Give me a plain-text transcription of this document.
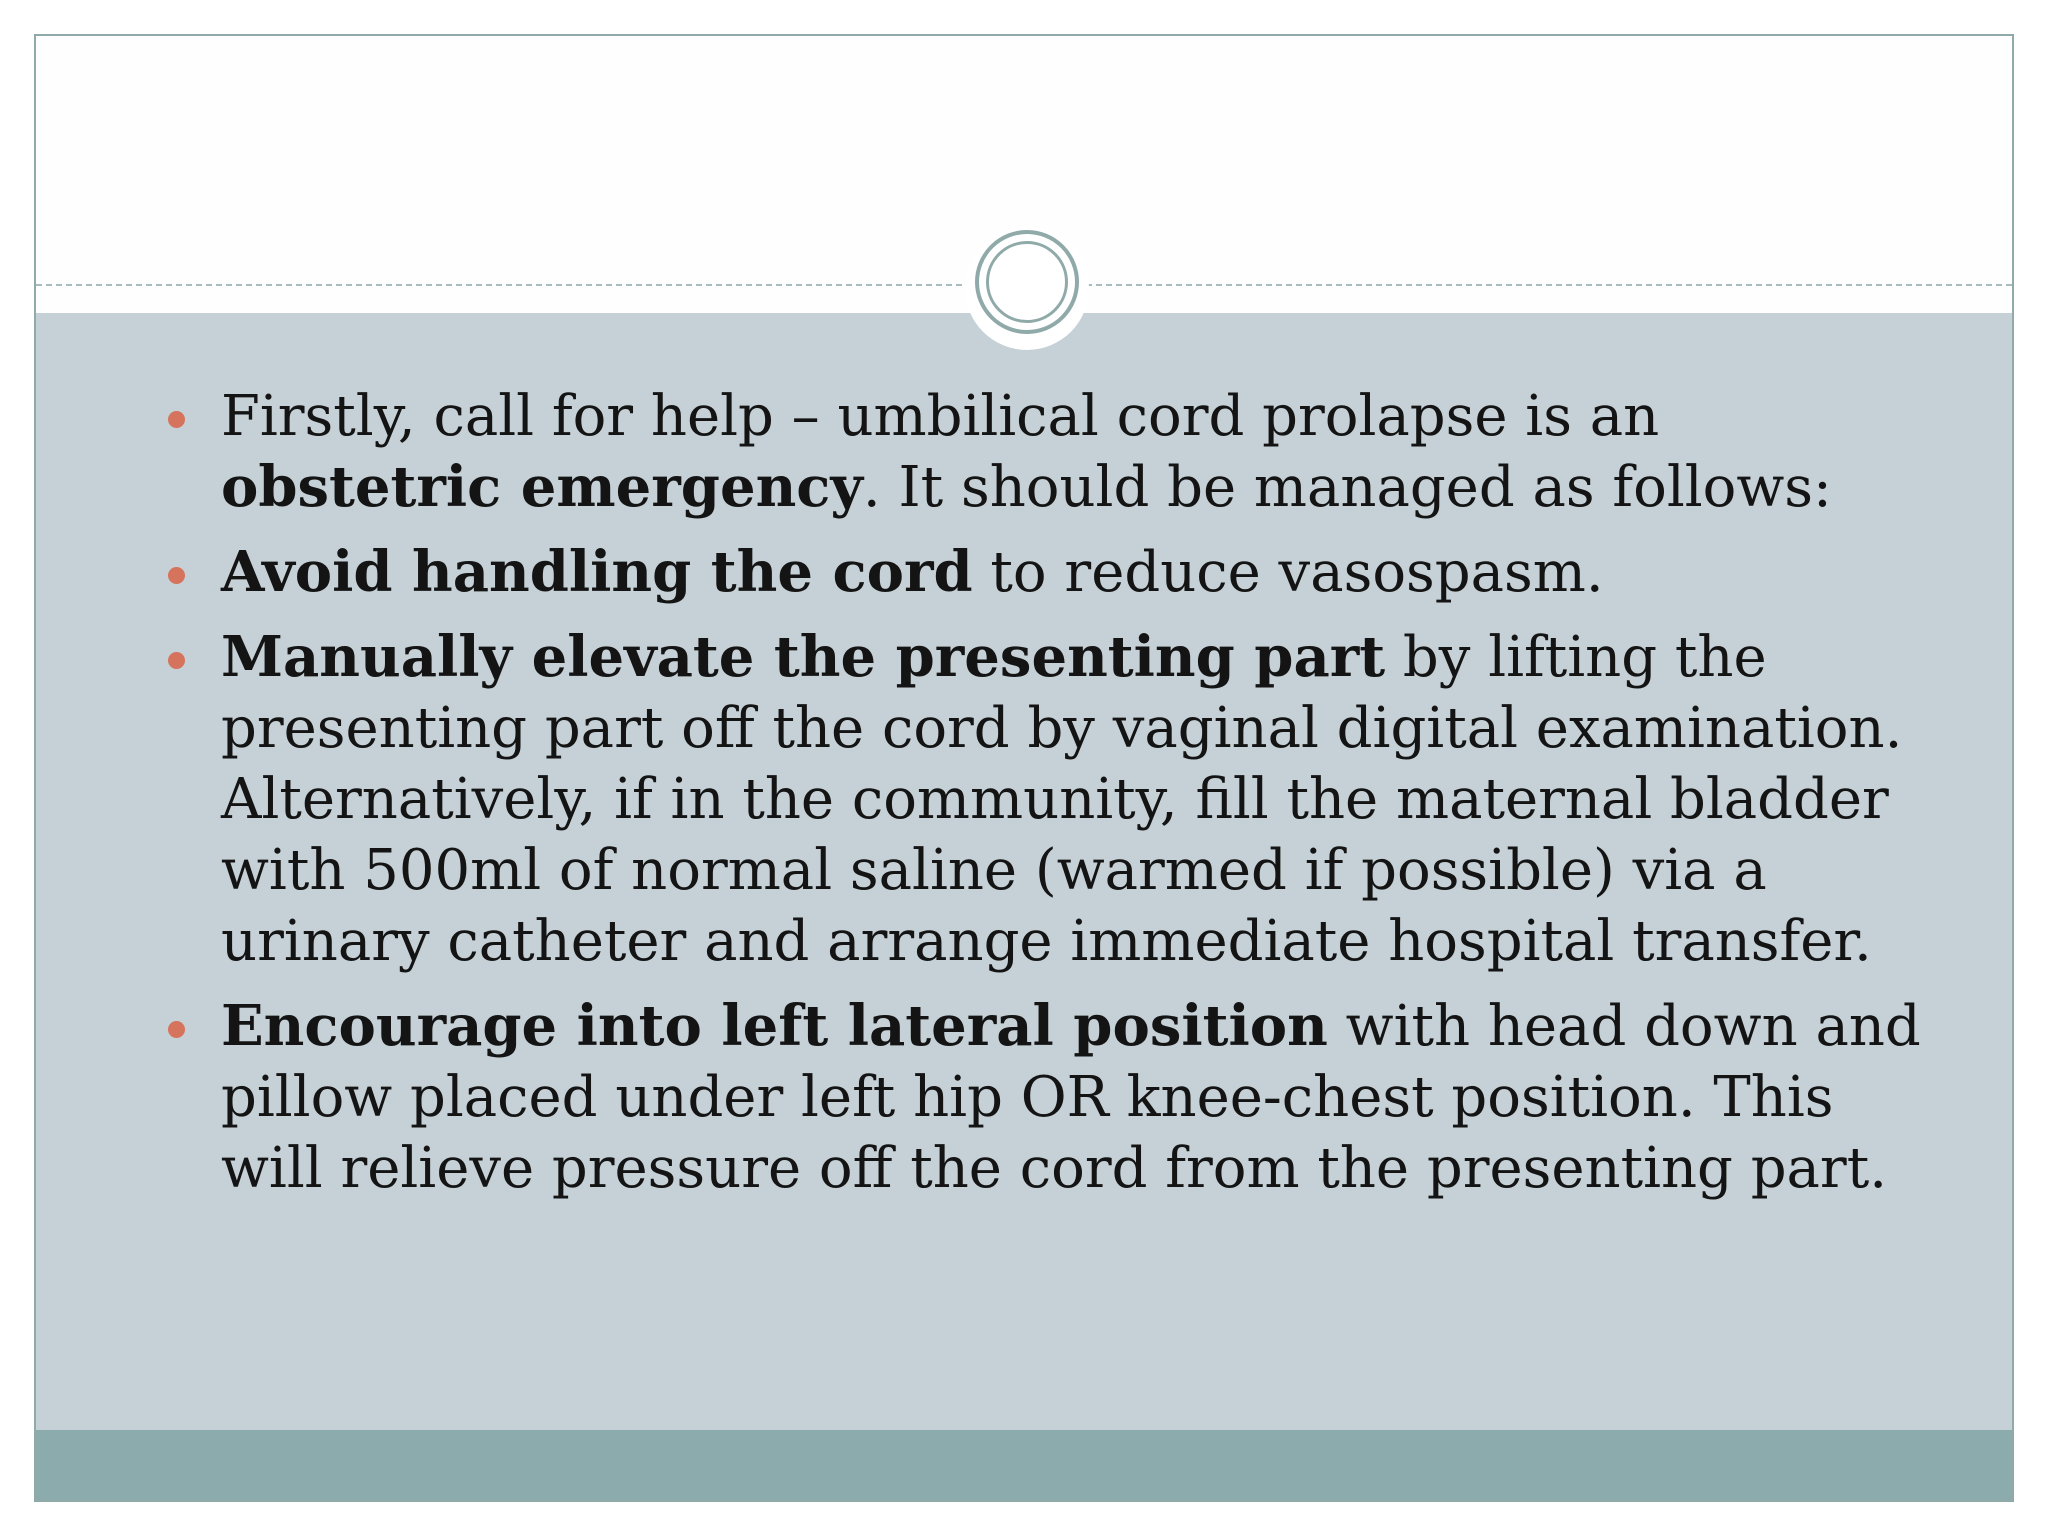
Firstly, call for help – umbilical cord prolapse is an obstetric emergency. It should be managed as follows:
Avoid handling the cord to reduce vasospasm.
Manually elevate the presenting part by lifting the presenting part off the cord by vaginal digital examination. Alternatively, if in the community, fill the maternal bladder with 500ml of normal saline (warmed if possible) via a urinary catheter and arrange immediate hospital transfer.
Encourage into left lateral position with head down and pillow placed under left hip OR knee-chest position. This will relieve pressure off the cord from the presenting part.
